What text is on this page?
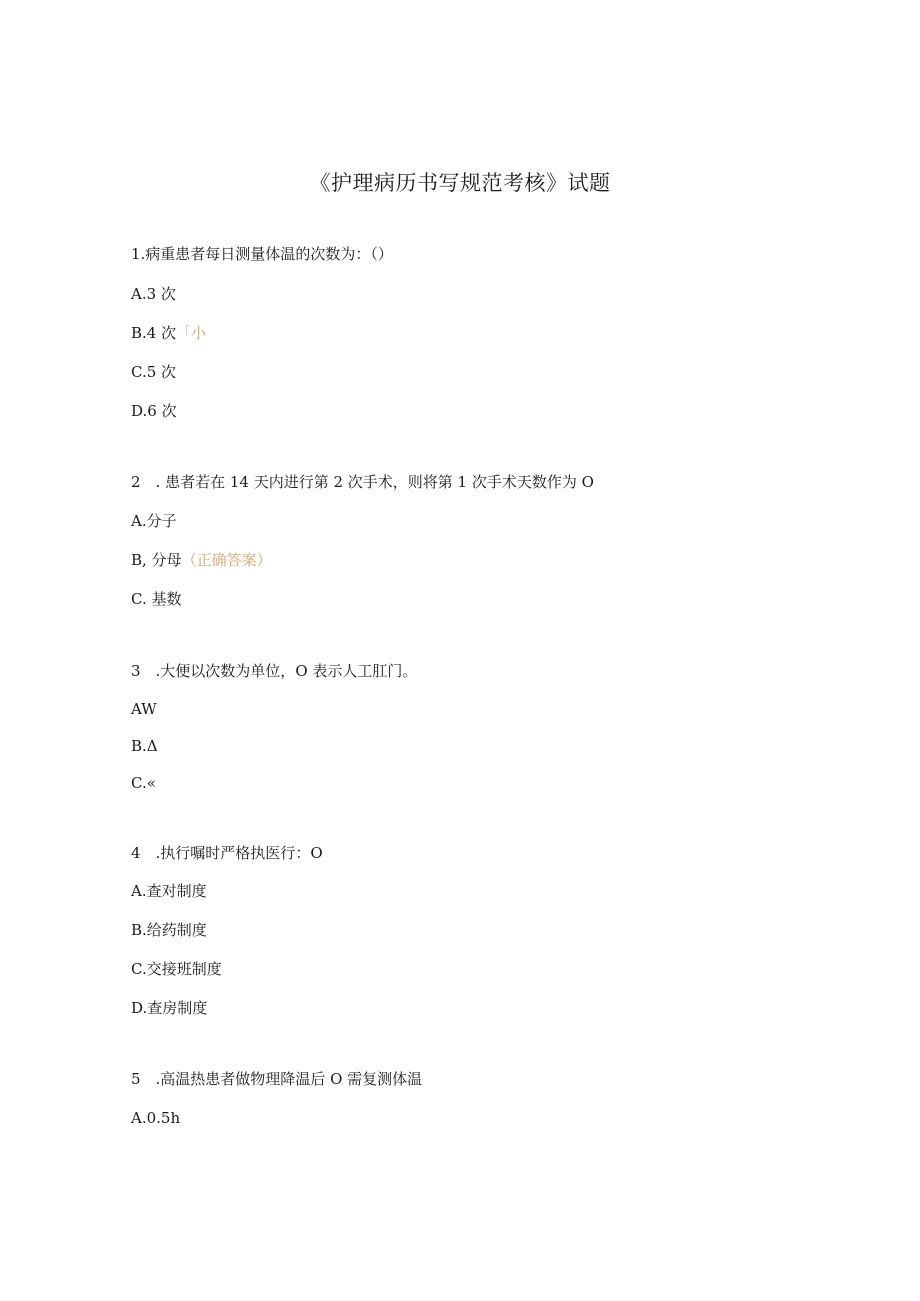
《护理病历书写规范考核》试题
1.病重患者每日测量体温的次数为：（）
A.3 次
B.4 次「小
C.5 次
D.6 次
2　. 患者若在 14 天内进行第 2 次手术，则将第 1 次手术天数作为 O
A.分子
B, 分母（正确答案）
C. 基数
3　.大便以次数为单位，O 表示人工肛门。
AW
B.Δ
C.«
4　.执行嘱时严格执医行：O
A.查对制度
B.给药制度
C.交接班制度
D.查房制度
5　.高温热患者做物理降温后 O 需复测体温
A.0.5h
